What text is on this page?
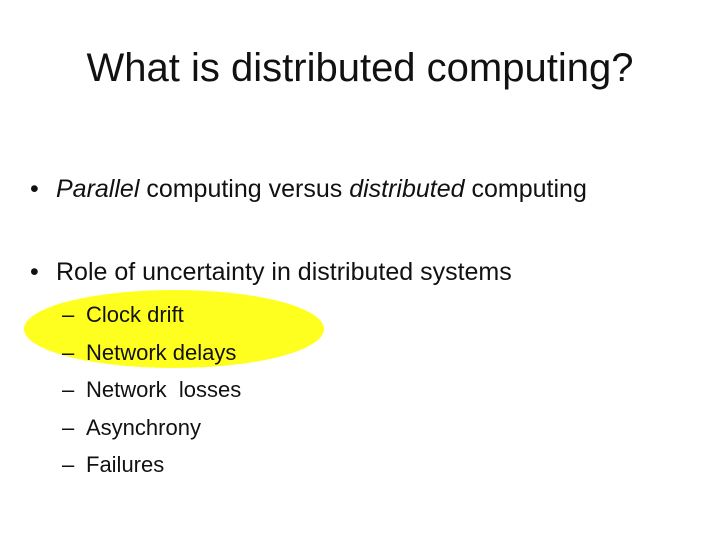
What is distributed computing?
• Parallel computing versus distributed computing
• Role of uncertainty in distributed systems
– Clock drift
– Network delays
– Network  losses
– Asynchrony
– Failures
